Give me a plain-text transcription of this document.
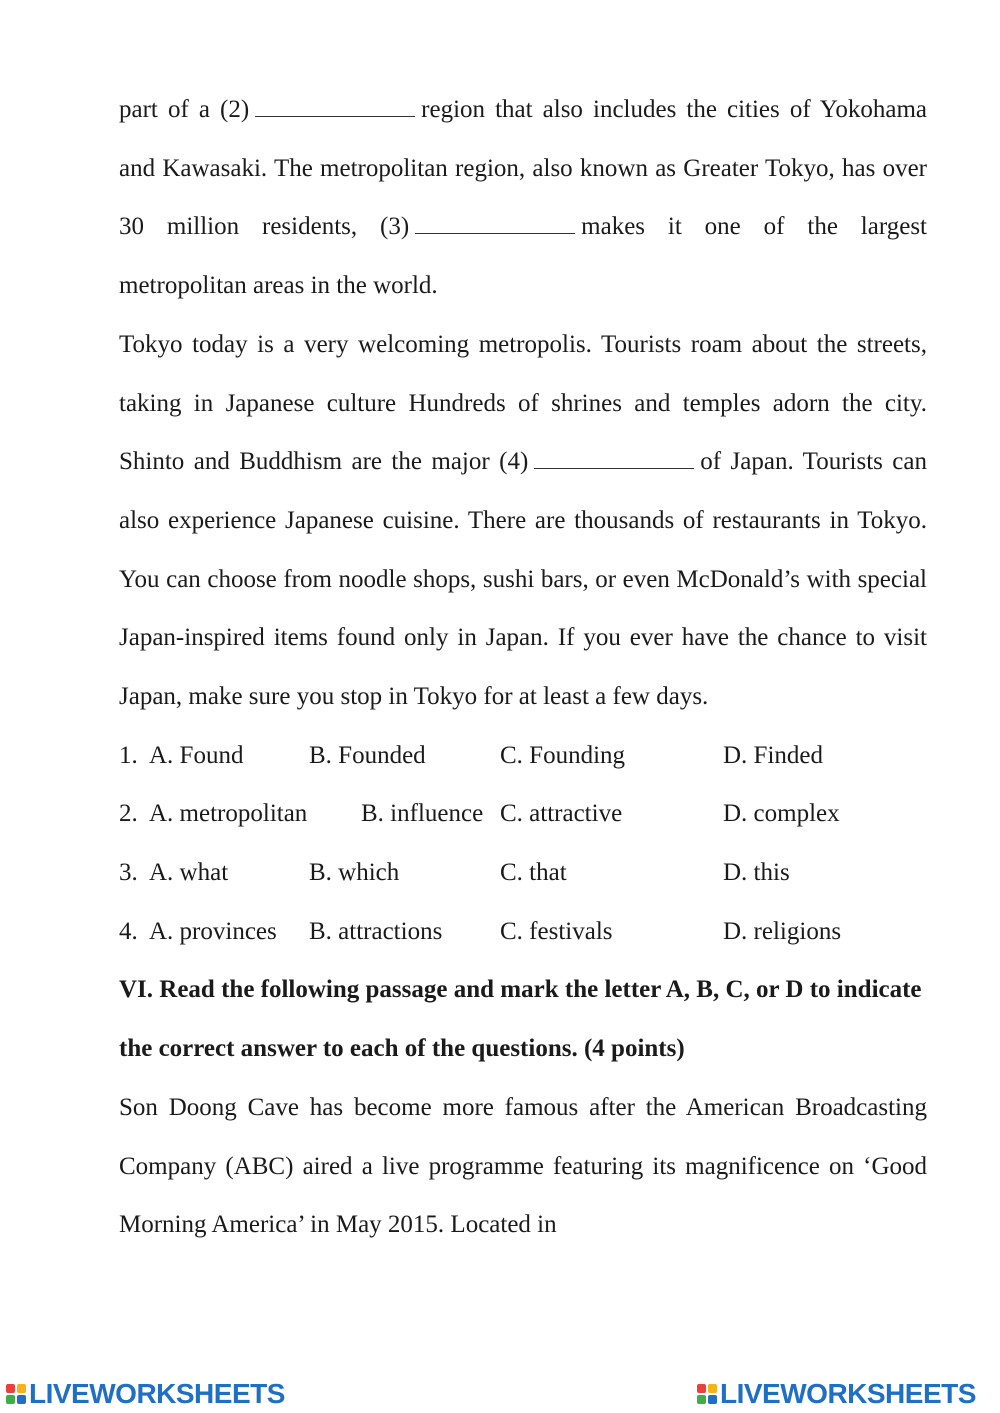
part of a (2)	region that also includes the cities of Yokohama and Kawasaki. The metropolitan region, also known as Greater Tokyo, has over 30 million residents, (3)	makes it one of the largest metropolitan areas in the world.

Tokyo today is a very welcoming metropolis. Tourists roam about the streets, taking in Japanese culture Hundreds of shrines and temples adorn the city. Shinto and Buddhism are the major (4)	of Japan. Tourists can also experience Japanese cuisine. There are thousands of restaurants in Tokyo. You can choose from noodle shops, sushi bars, or even McDonald’s with special Japan-inspired items found only in Japan. If you ever have the chance to visit Japan, make sure you stop in Tokyo for at least a few days.

1. A. Found	B. Founded	C. Founding	D. Finded
2. A. metropolitan B. influence C. attractive	D. complex
3. A. what	B. which	C. that	D. this
4. A. provinces B. attractions C. festivals	D. religions

VI. Read the following passage and mark the letter A, B, C, or D to indicate the correct answer to each of the questions. (4 points)

Son Doong Cave has become more famous after the American Broadcasting Company (ABC) aired a live programme featuring its magnificence on ‘Good Morning America’ in May 2015. Located in

LIVEWORKSHEETS	LIVEWORKSHEETS
